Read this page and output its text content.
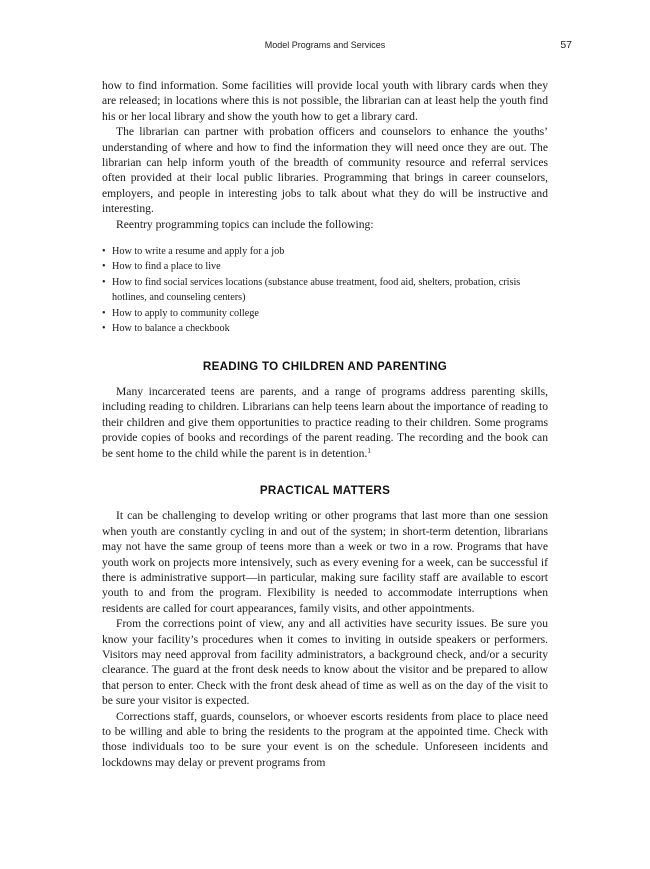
Model Programs and Services	57

how to find information. Some facilities will provide local youth with library cards when they are released; in locations where this is not possible, the librarian can at least help the youth find his or her local library and show the youth how to get a library card.

The librarian can partner with probation officers and counselors to enhance the youths’ understanding of where and how to find the information they will need once they are out. The librarian can help inform youth of the breadth of community resource and referral services often provided at their local public libraries. Programming that brings in career counselors, employers, and people in interesting jobs to talk about what they do will be instructive and interesting.

Reentry programming topics can include the following:

• How to write a resume and apply for a job
• How to find a place to live
• How to find social services locations (substance abuse treatment, food aid, shelters, probation, crisis hotlines, and counseling centers)
• How to apply to community college
• How to balance a checkbook
READING TO CHILDREN AND PARENTING

Many incarcerated teens are parents, and a range of programs address parenting skills, including reading to children. Librarians can help teens learn about the importance of reading to their children and give them opportunities to practice reading to their children. Some programs provide copies of books and recordings of the parent reading. The recording and the book can be sent home to the child while the parent is in detention.$^1$

PRACTICAL MATTERS

It can be challenging to develop writing or other programs that last more than one session when youth are constantly cycling in and out of the system; in short-term detention, librarians may not have the same group of teens more than a week or two in a row. Programs that have youth work on projects more intensively, such as every evening for a week, can be successful if there is administrative support—in particular, making sure facility staff are available to escort youth to and from the program. Flexibility is needed to accommodate interruptions when residents are called for court appearances, family visits, and other appointments.

From the corrections point of view, any and all activities have security issues. Be sure you know your facility’s procedures when it comes to inviting in outside speakers or performers. Visitors may need approval from facility administrators, a background check, and/or a security clearance. The guard at the front desk needs to know about the visitor and be prepared to allow that person to enter. Check with the front desk ahead of time as well as on the day of the visit to be sure your visitor is expected.

Corrections staff, guards, counselors, or whoever escorts residents from place to place need to be willing and able to bring the residents to the program at the appointed time. Check with those individuals too to be sure your event is on the schedule. Unforeseen incidents and lockdowns may delay or prevent programs from
